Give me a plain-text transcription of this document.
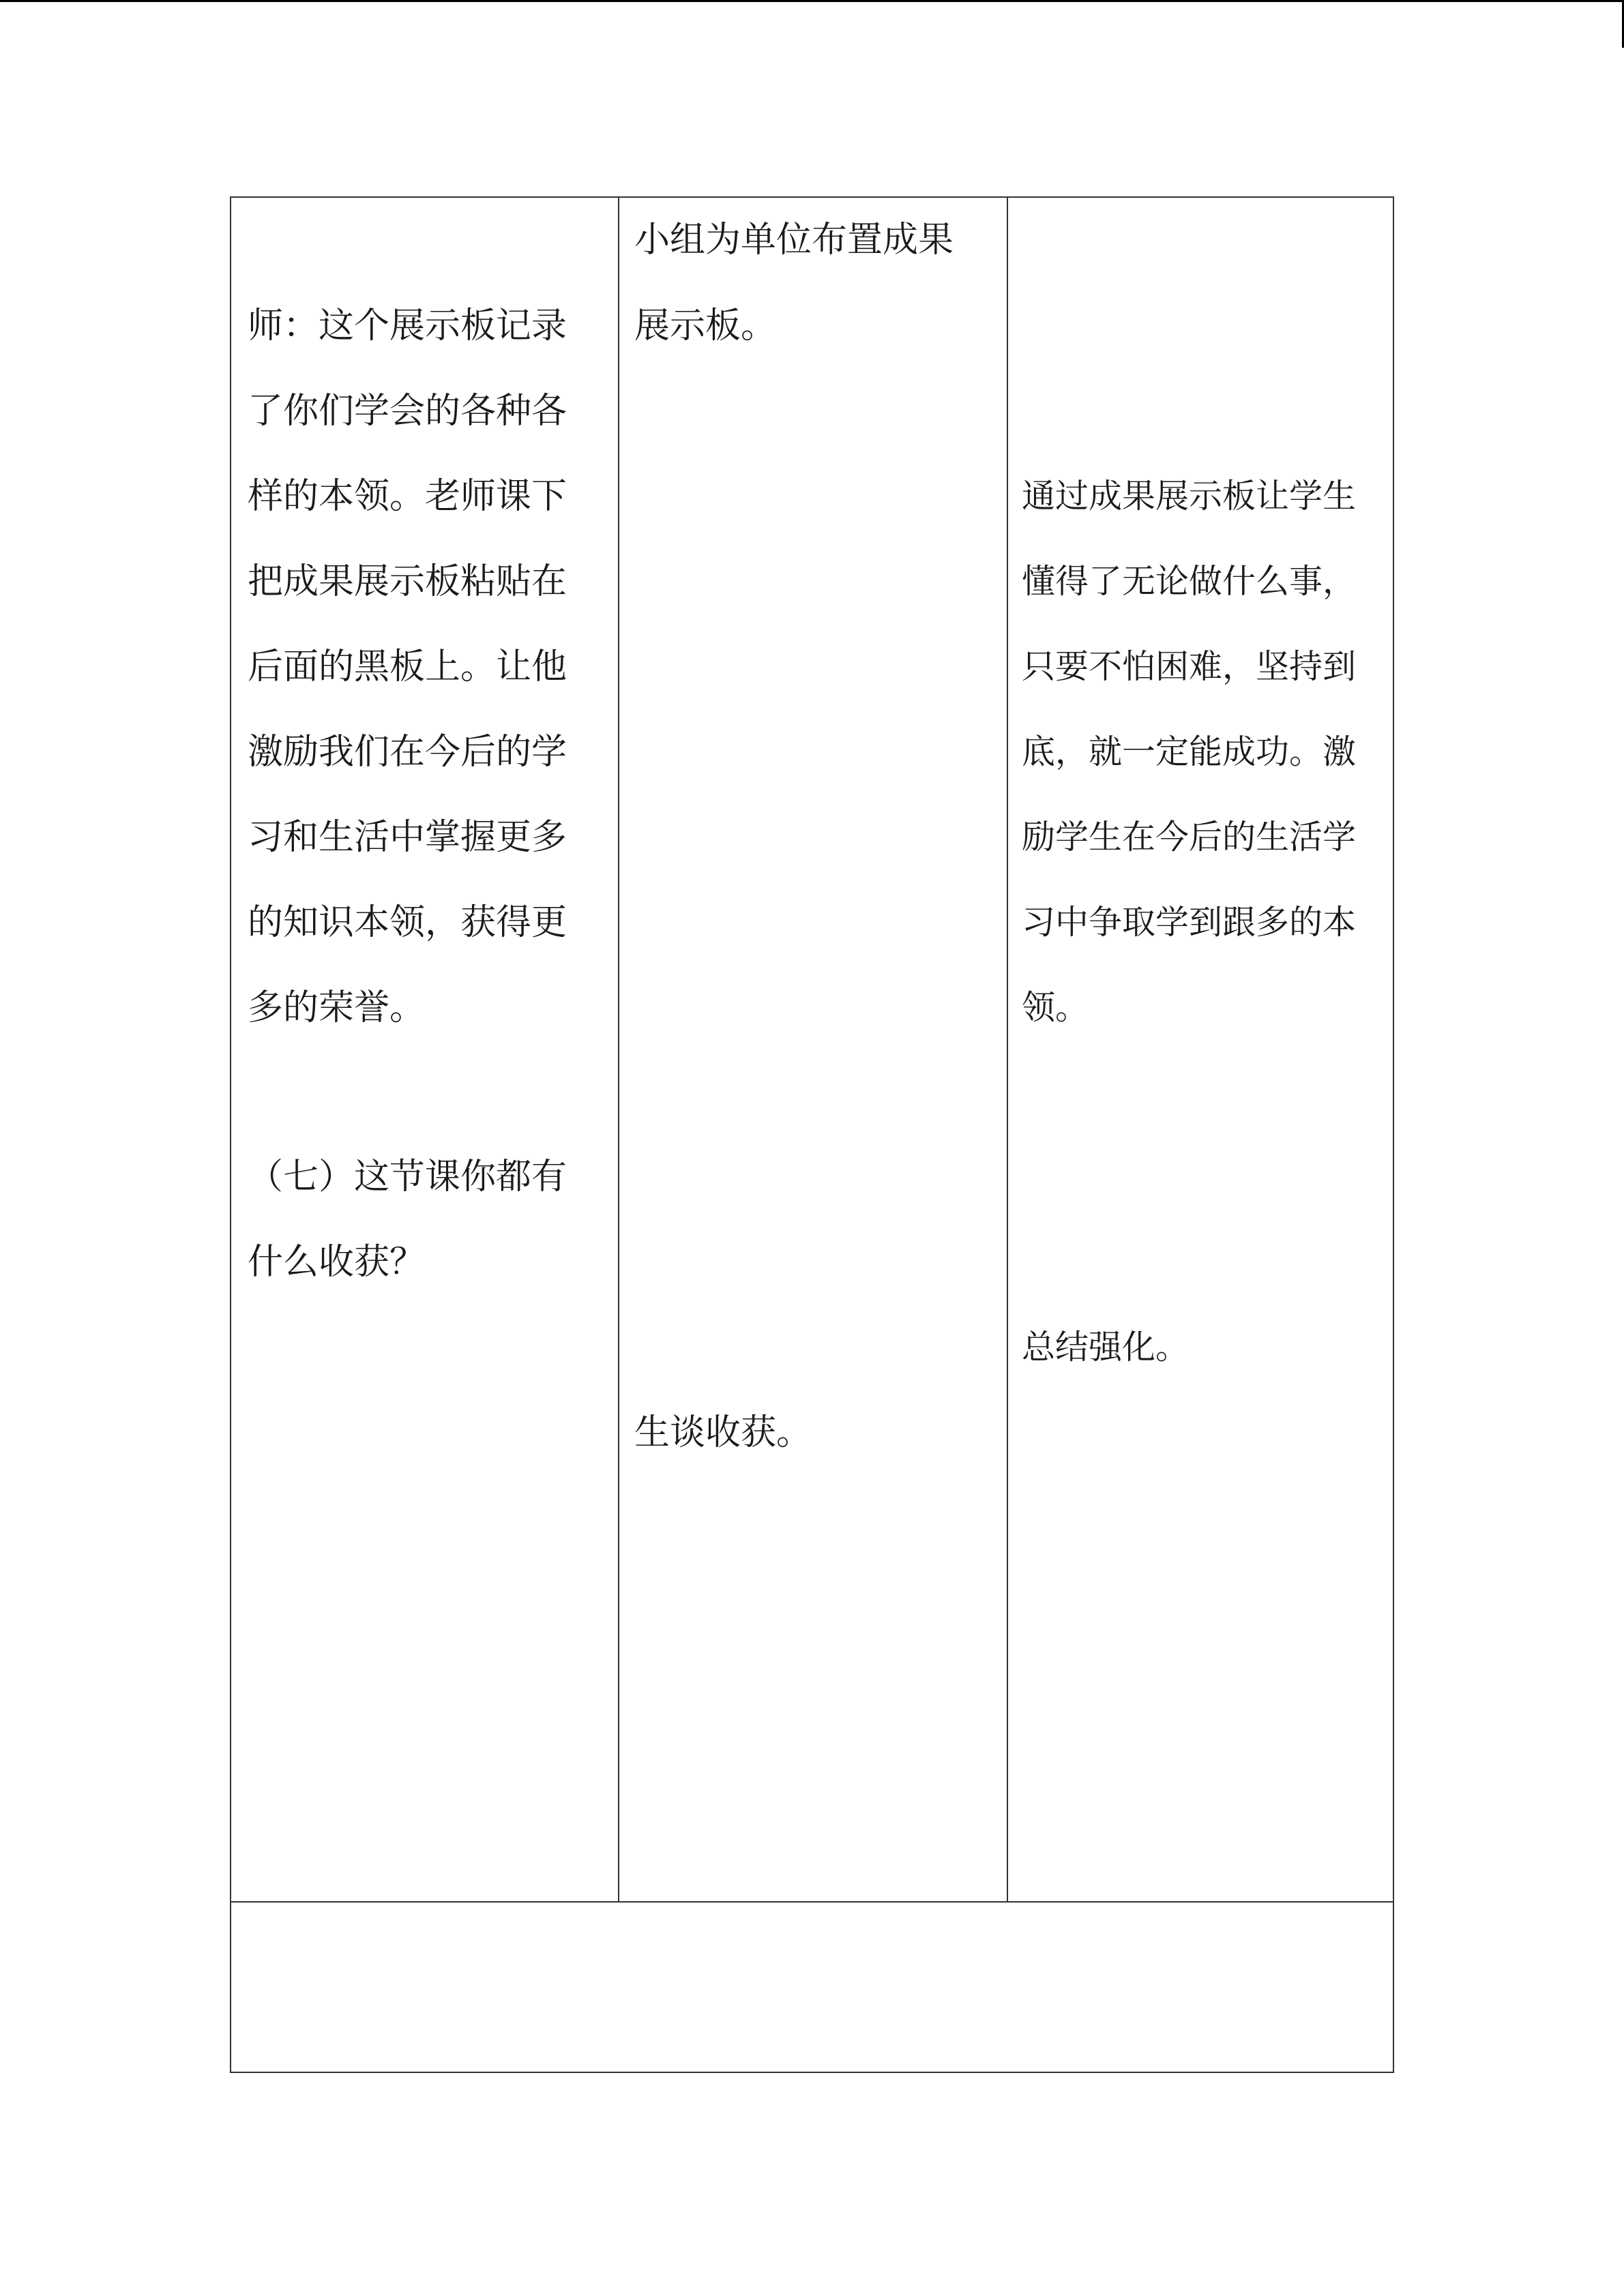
师：这个展示板记录
了你们学会的各种各
样的本领。老师课下
把成果展示板粘贴在
后面的黑板上。让他
激励我们在今后的学
习和生活中掌握更多
的知识本领，获得更
多的荣誉。
（七）这节课你都有
什么收获？
小组为单位布置成果
展示板。
生谈收获。
通过成果展示板让学生
懂得了无论做什么事，
只要不怕困难，坚持到
底，就一定能成功。激
励学生在今后的生活学
习中争取学到跟多的本
领。
总结强化。
